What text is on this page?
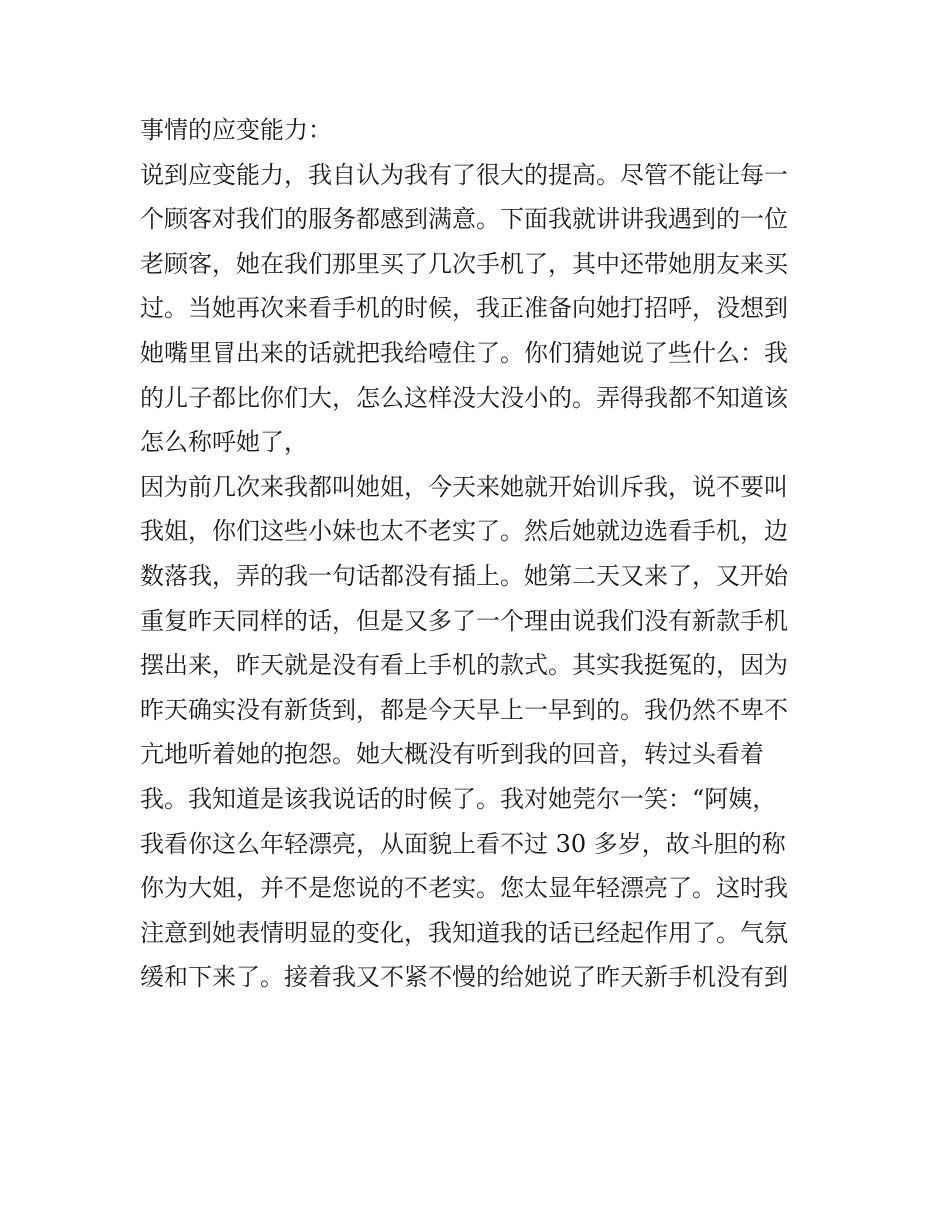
事情的应变能力：
说到应变能力，我自认为我有了很大的提高。尽管不能让每一
个顾客对我们的服务都感到满意。下面我就讲讲我遇到的一位
老顾客，她在我们那里买了几次手机了，其中还带她朋友来买
过。当她再次来看手机的时候，我正准备向她打招呼，没想到
她嘴里冒出来的话就把我给噎住了。你们猜她说了些什么：我
的儿子都比你们大，怎么这样没大没小的。弄得我都不知道该
怎么称呼她了，
因为前几次来我都叫她姐，今天来她就开始训斥我，说不要叫
我姐，你们这些小妹也太不老实了。然后她就边选看手机，边
数落我，弄的我一句话都没有插上。她第二天又来了，又开始
重复昨天同样的话，但是又多了一个理由说我们没有新款手机
摆出来，昨天就是没有看上手机的款式。其实我挺冤的，因为
昨天确实没有新货到，都是今天早上一早到的。我仍然不卑不
亢地听着她的抱怨。她大概没有听到我的回音，转过头看着
我。我知道是该我说话的时候了。我对她莞尔一笑：“阿姨，
我看你这么年轻漂亮，从面貌上看不过 30 多岁，故斗胆的称
你为大姐，并不是您说的不老实。您太显年轻漂亮了。这时我
注意到她表情明显的变化，我知道我的话已经起作用了。气氛
缓和下来了。接着我又不紧不慢的给她说了昨天新手机没有到
